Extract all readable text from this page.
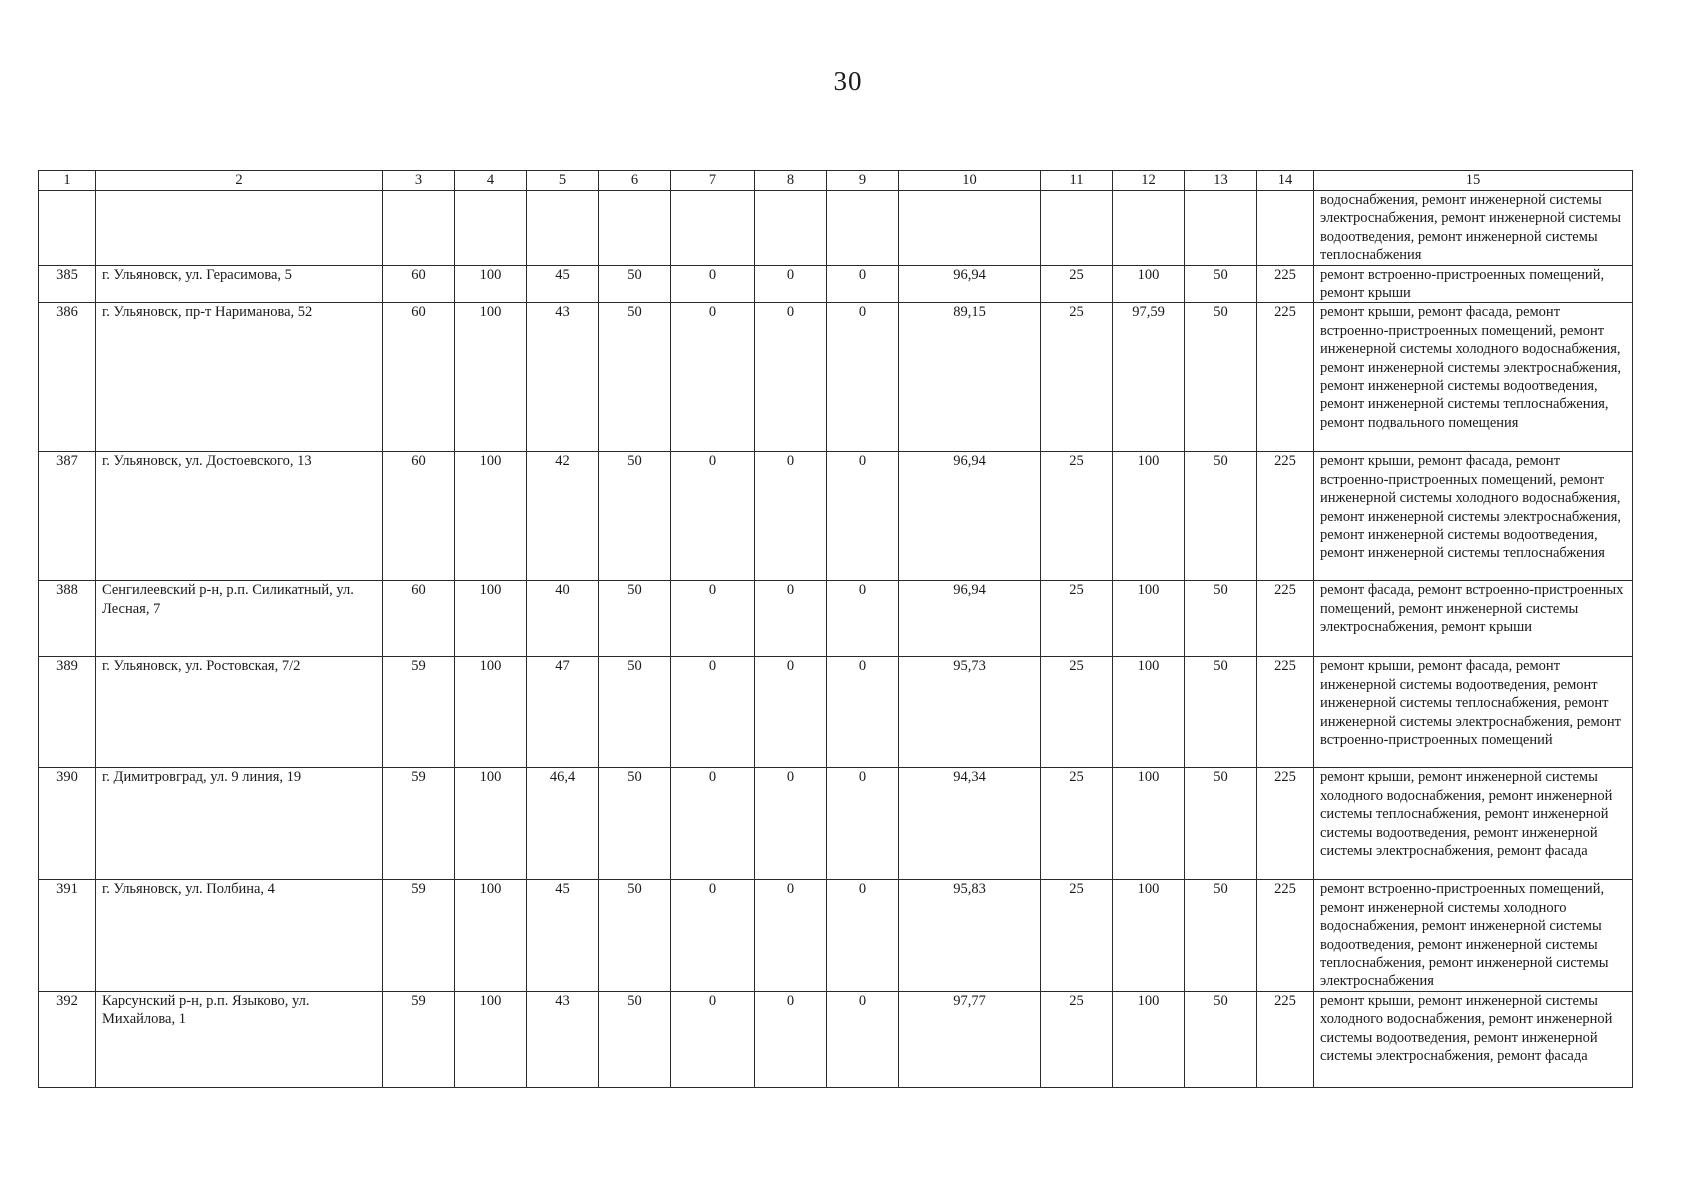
30
1	2	3	4	5	6	7	8	9	10	11	12	13	14	15
														водоснабжения, ремонт инженерной системы электроснабжения, ремонт инженерной системы водоотведения, ремонт инженерной системы теплоснабжения
385	г. Ульяновск, ул. Герасимова, 5	60	100	45	50	0	0	0	96,94	25	100	50	225	ремонт встроенно-пристроенных помещений, ремонт крыши
386	г. Ульяновск, пр-т Нариманова, 52	60	100	43	50	0	0	0	89,15	25	97,59	50	225	ремонт крыши, ремонт фасада, ремонт встроенно-пристроенных помещений, ремонт инженерной системы холодного водоснабжения, ремонт инженерной системы электроснабжения, ремонт инженерной системы водоотведения, ремонт инженерной системы теплоснабжения, ремонт подвального помещения
387	г. Ульяновск, ул. Достоевского, 13	60	100	42	50	0	0	0	96,94	25	100	50	225	ремонт крыши, ремонт фасада, ремонт встроенно-пристроенных помещений, ремонт инженерной системы холодного водоснабжения, ремонт инженерной системы электроснабжения, ремонт инженерной системы водоотведения, ремонт инженерной системы теплоснабжения
388	Сенгилеевский р-н, р.п. Силикатный, ул. Лесная, 7	60	100	40	50	0	0	0	96,94	25	100	50	225	ремонт фасада, ремонт встроенно-пристроенных помещений, ремонт инженерной системы электроснабжения, ремонт крыши
389	г. Ульяновск, ул. Ростовская, 7/2	59	100	47	50	0	0	0	95,73	25	100	50	225	ремонт крыши, ремонт фасада, ремонт инженерной системы водоотведения, ремонт инженерной системы теплоснабжения, ремонт инженерной системы электроснабжения, ремонт встроенно-пристроенных помещений
390	г. Димитровград, ул. 9 линия, 19	59	100	46,4	50	0	0	0	94,34	25	100	50	225	ремонт крыши, ремонт инженерной системы холодного водоснабжения, ремонт инженерной системы теплоснабжения, ремонт инженерной системы водоотведения, ремонт инженерной системы электроснабжения, ремонт фасада
391	г. Ульяновск, ул. Полбина, 4	59	100	45	50	0	0	0	95,83	25	100	50	225	ремонт встроенно-пристроенных помещений, ремонт инженерной системы холодного водоснабжения, ремонт инженерной системы водоотведения, ремонт инженерной системы теплоснабжения, ремонт инженерной системы электроснабжения
392	Карсунский р-н, р.п. Языково, ул. Михайлова, 1	59	100	43	50	0	0	0	97,77	25	100	50	225	ремонт крыши, ремонт инженерной системы холодного водоснабжения, ремонт инженерной системы водоотведения, ремонт инженерной системы электроснабжения, ремонт фасада
